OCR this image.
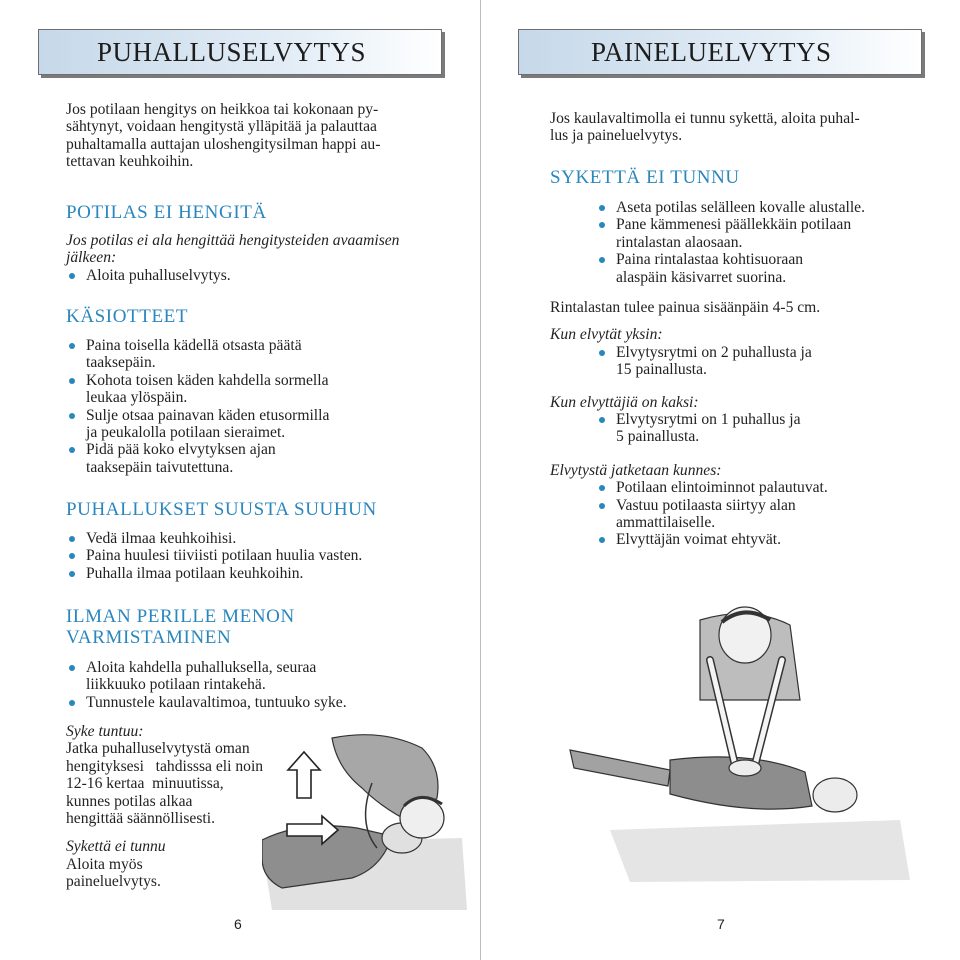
PUHALLUSELVYTYS

Jos potilaan hengitys on heikkoa tai kokonaan py-

sähtynyt, voidaan hengitystä ylläpitää ja palauttaa

puhaltamalla auttajan uloshengitysilman happi au-

tettavan keuhkoihin.

POTILAS EI HENGITÄ

Jos potilas ei ala hengittää hengitysteiden avaamisen

jälkeen:

Aloita puhalluselvytys.

KÄSIOTTEET

Paina toisella kädellä otsasta päätä
taaksepäin.
Kohota toisen käden kahdella sormella
leukaa ylöspäin.
Sulje otsaa painavan käden etusormilla
ja peukalolla potilaan sieraimet.
Pidä pää koko elvytyksen ajan
taaksepäin taivutettuna.

PUHALLUKSET SUUSTA SUUHUN

Vedä ilmaa keuhkoihisi.
Paina huulesi tiiviisti potilaan huulia vasten.
Puhalla ilmaa potilaan keuhkoihin.

ILMAN PERILLE MENON

VARMISTAMINEN

Aloita kahdella puhalluksella, seuraa
liikkuuko potilaan rintakehä.
Tunnustele kaulavaltimoa, tuntuuko syke.

Syke tuntuu:

Jatka puhalluselvytystä oman

hengityksesi   tahdisssa eli noin

12-16 kertaa  minuutissa,

kunnes potilas alkaa

hengittää säännöllisesti.

Sykettä ei tunnu

Aloita myös

paineluelvytys.

6
PAINELUELVYTYS

Jos kaulavaltimolla ei tunnu sykettä, aloita puhal-

lus ja paineluelvytys.

SYKETTÄ EI TUNNU

Aseta potilas selälleen kovalle alustalle.
Pane kämmenesi päällekkäin potilaan
rintalastan alaosaan.
Paina rintalastaa kohtisuoraan
alaspäin käsivarret suorina.

Rintalastan tulee painua sisäänpäin 4-5 cm.

Kun elvytät yksin:

Elvytysrytmi on 2 puhallusta ja
15 painallusta.

Kun elvyttäjiä on kaksi:

Elvytysrytmi on 1 puhallus ja
5 painallusta.

Elvytystä jatketaan kunnes:

Potilaan elintoiminnot palautuvat.
Vastuu potilaasta siirtyy alan
ammattilaiselle.
Elvyttäjän voimat ehtyvät.
7
